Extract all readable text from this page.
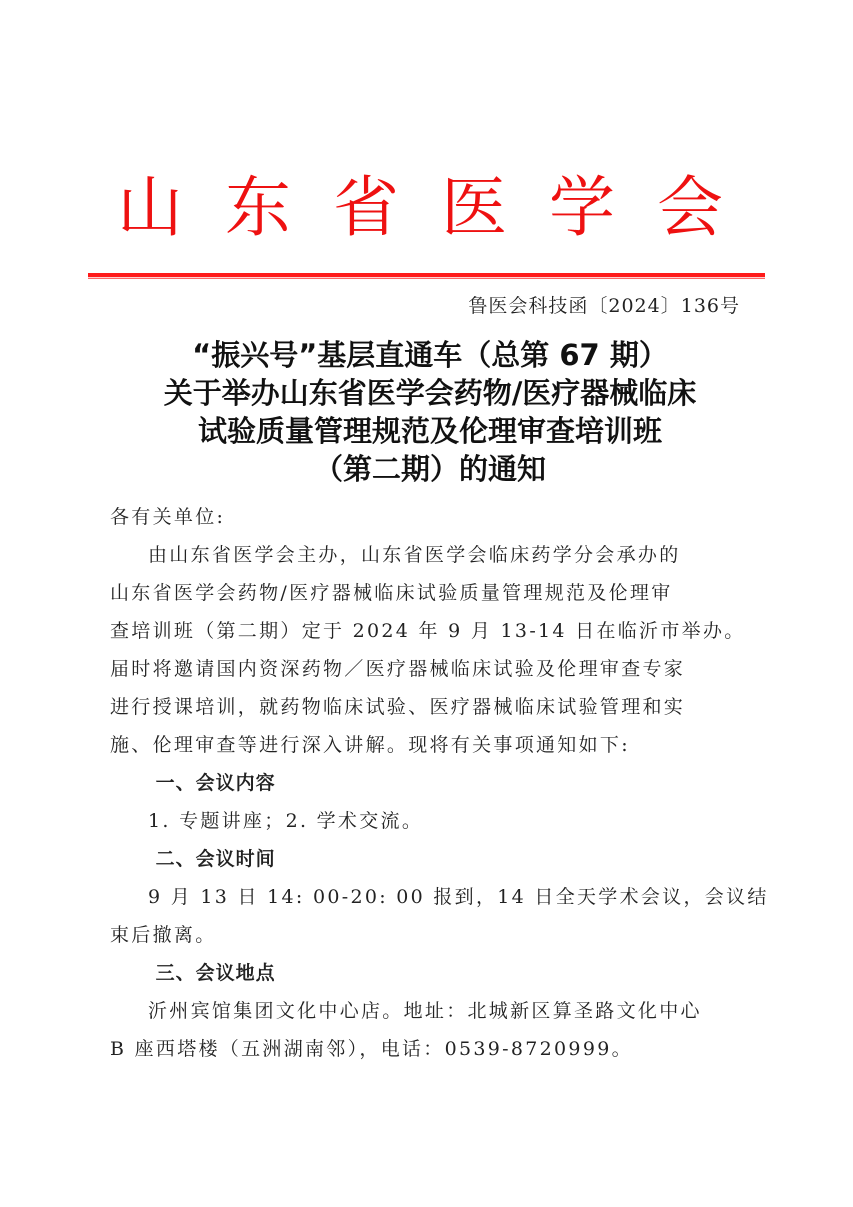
山 东 省 医 学 会
鲁医会科技函〔2024〕136号
“振兴号”基层直通车（总第 67 期）
关于举办山东省医学会药物/医疗器械临床
试验质量管理规范及伦理审查培训班
（第二期）的通知

各有关单位:

由山东省医学会主办，山东省医学会临床药学分会承办的
山东省医学会药物/医疗器械临床试验质量管理规范及伦理审
查培训班（第二期）定于 2024 年 9 月 13-14 日在临沂市举办。
届时将邀请国内资深药物／医疗器械临床试验及伦理审查专家
进行授课培训，就药物临床试验、医疗器械临床试验管理和实
施、伦理审查等进行深入讲解。现将有关事项通知如下:

一、会议内容

1. 专题讲座；2. 学术交流。

二、会议时间

9 月 13 日 14: 00-20: 00 报到，14 日全天学术会议，会议结
束后撤离。

三、会议地点

沂州宾馆集团文化中心店。地址：北城新区算圣路文化中心
B 座西塔楼（五洲湖南邻），电话：0539-8720999。
